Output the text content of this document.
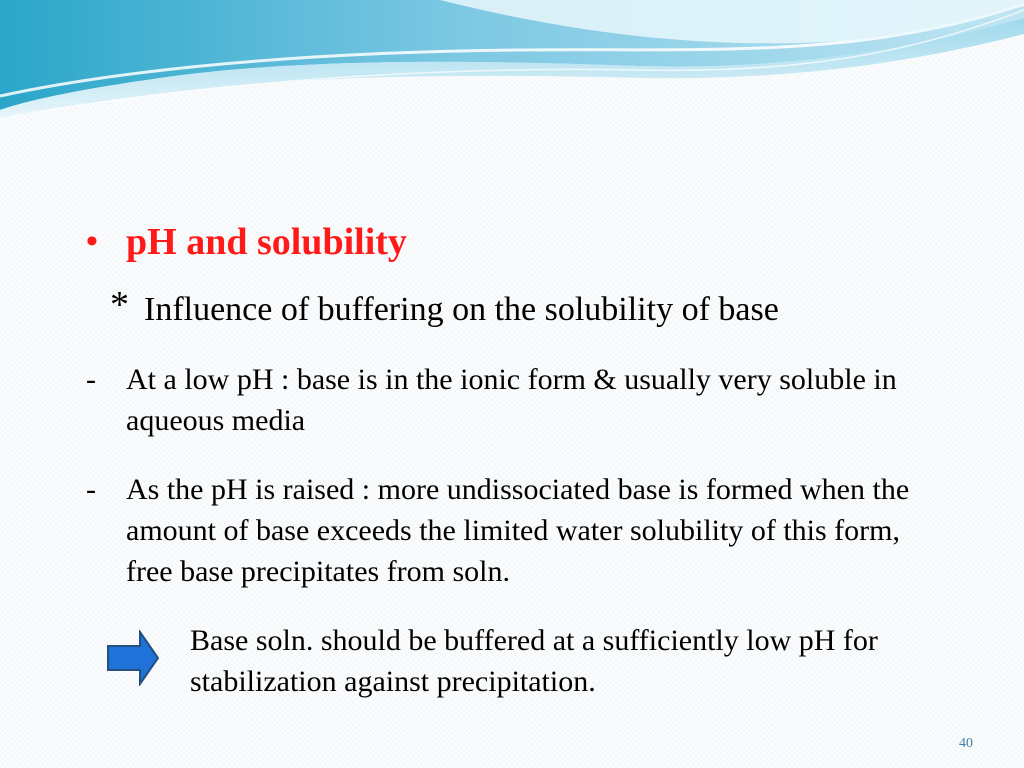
• pH and solubility
* Influence of buffering on the solubility of base
- At a low pH : base is in the ionic form & usually very soluble in aqueous media
- As the pH is raised : more undissociated base is formed when the amount of base exceeds the limited water solubility of this form, free base precipitates from soln.
Base soln. should be buffered at a sufficiently low pH for stabilization against precipitation.
40
